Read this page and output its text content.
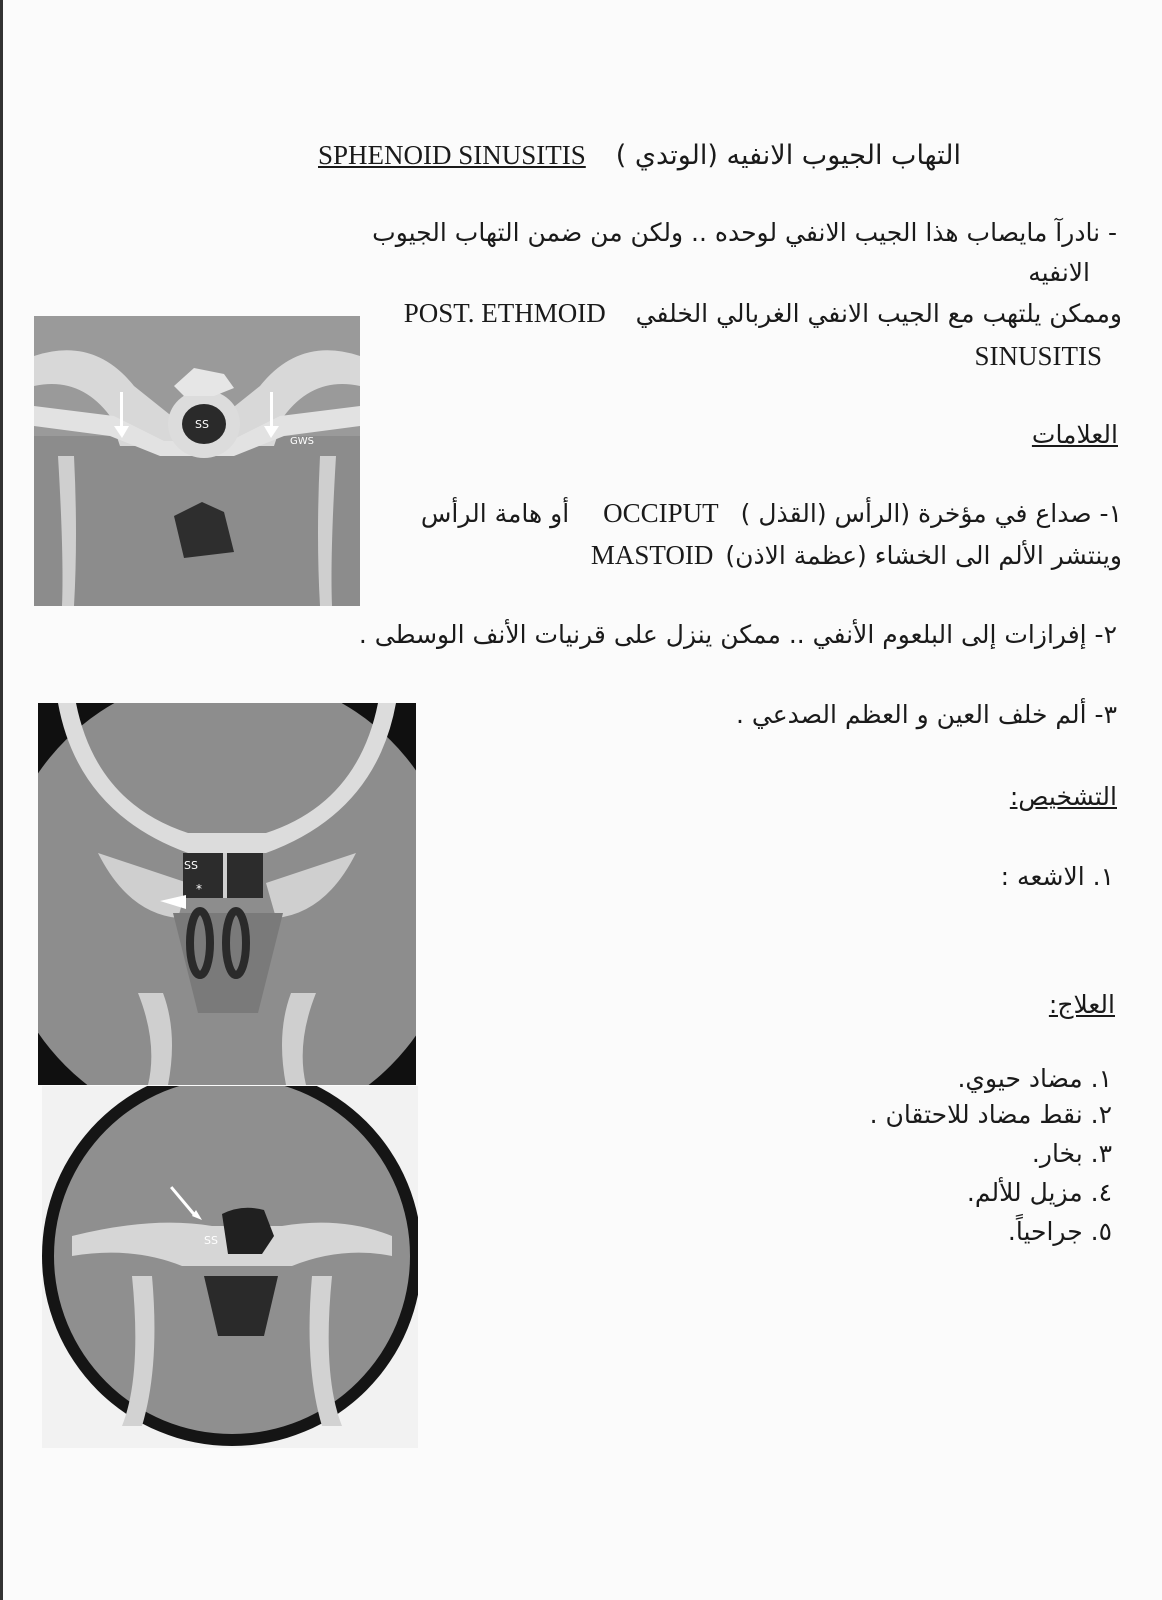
التهاب الجيوب الانفيه (الوتدي )
SPHENOID SINUSITIS
- نادرآ مايصاب هذا الجيب الانفي لوحده .. ولكن من ضمن التهاب الجيوب
الانفيه
وممكن يلتهب مع الجيب الانفي الغربالي الخلفي POST. ETHMOID
SINUSITIS
العلامات
١- صداع في مؤخرة (الرأس (القذل ) OCCIPUT أو هامة الرأس
وينتشر الألم الى الخشاء (عظمة الاذن) MASTOID
٢- إفرازات إلى البلعوم الأنفي .. ممكن ينزل على قرنيات الأنف الوسطى .
٣- ألم خلف العين و العظم الصدعي .
التشخيص:
١. الاشعه :
العلاج:
١. مضاد حيوي.
٢. نقط مضاد للاحتقان .
٣. بخار.
٤. مزيل للألم.
٥. جراحياً.
SS
GWS
SS
*
SS
